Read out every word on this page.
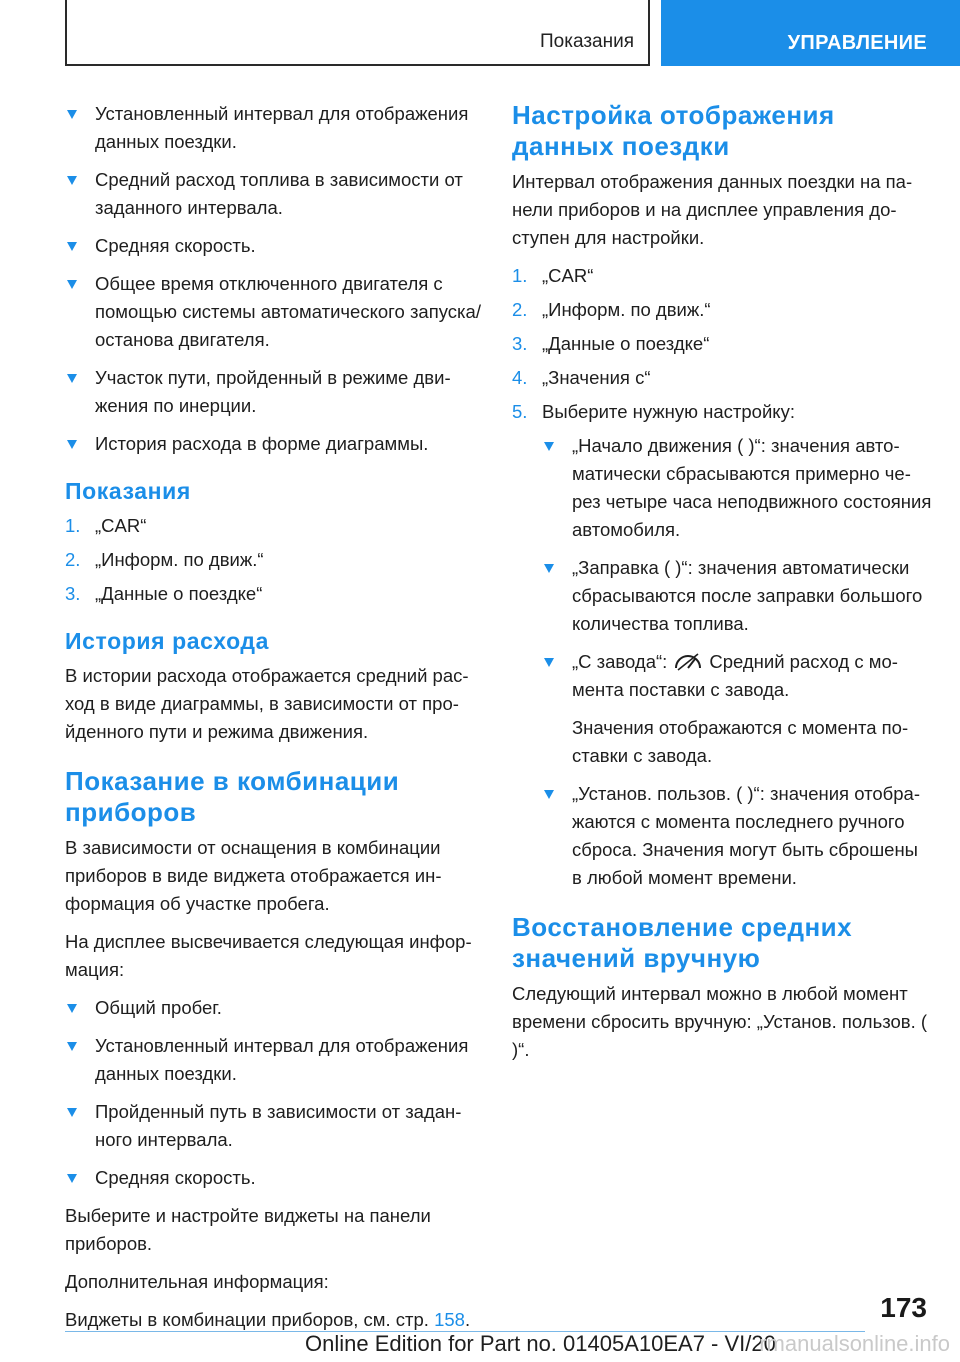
Показания	УПРАВЛЕНИЕ
Установленный интервал для отображения данных поездки.
Средний расход топлива в зависимости от заданного интервала.
Средняя скорость.
Общее время отключенного двигателя с помощью системы автоматического запуска/останова двигателя.
Участок пути, пройденный в режиме движения по инерции.
История расхода в форме диаграммы.
Показания
1. „CAR“
2. „Информ. по движ.“
3. „Данные о поездке“
История расхода
В истории расхода отображается средний расход в виде диаграммы, в зависимости от пройденного пути и режима движения.
Показание в комбинации приборов
В зависимости от оснащения в комбинации приборов в виде виджета отображается информация об участке пробега.
На дисплее высвечивается следующая информация:
Общий пробег.
Установленный интервал для отображения данных поездки.
Пройденный путь в зависимости от заданного интервала.
Средняя скорость.
Выберите и настройте виджеты на панели приборов.
Дополнительная информация:
Виджеты в комбинации приборов, см. стр. 158.
Настройка отображения данных поездки
Интервал отображения данных поездки на панели приборов и на дисплее управления доступен для настройки.
1. „CAR“
2. „Информ. по движ.“
3. „Данные о поездке“
4. „Значения с“
5. Выберите нужную настройку:
„Начало движения ( )“: значения автоматически сбрасываются примерно через четыре часа неподвижного состояния автомобиля.
„Заправка ( )“: значения автоматически сбрасываются после заправки большого количества топлива.
„С завода“: Средний расход с момента поставки с завода.
Значения отображаются с момента поставки с завода.
„Установ. пользов. ( )“: значения отображаются с момента последнего ручного сброса. Значения могут быть сброшены в любой момент времени.
Восстановление средних значений вручную
Следующий интервал можно в любой момент времени сбросить вручную: „Установ. пользов. ( )“.
173
Online Edition for Part no. 01405A10EA7 - VI/20
rmanualsonline.info
